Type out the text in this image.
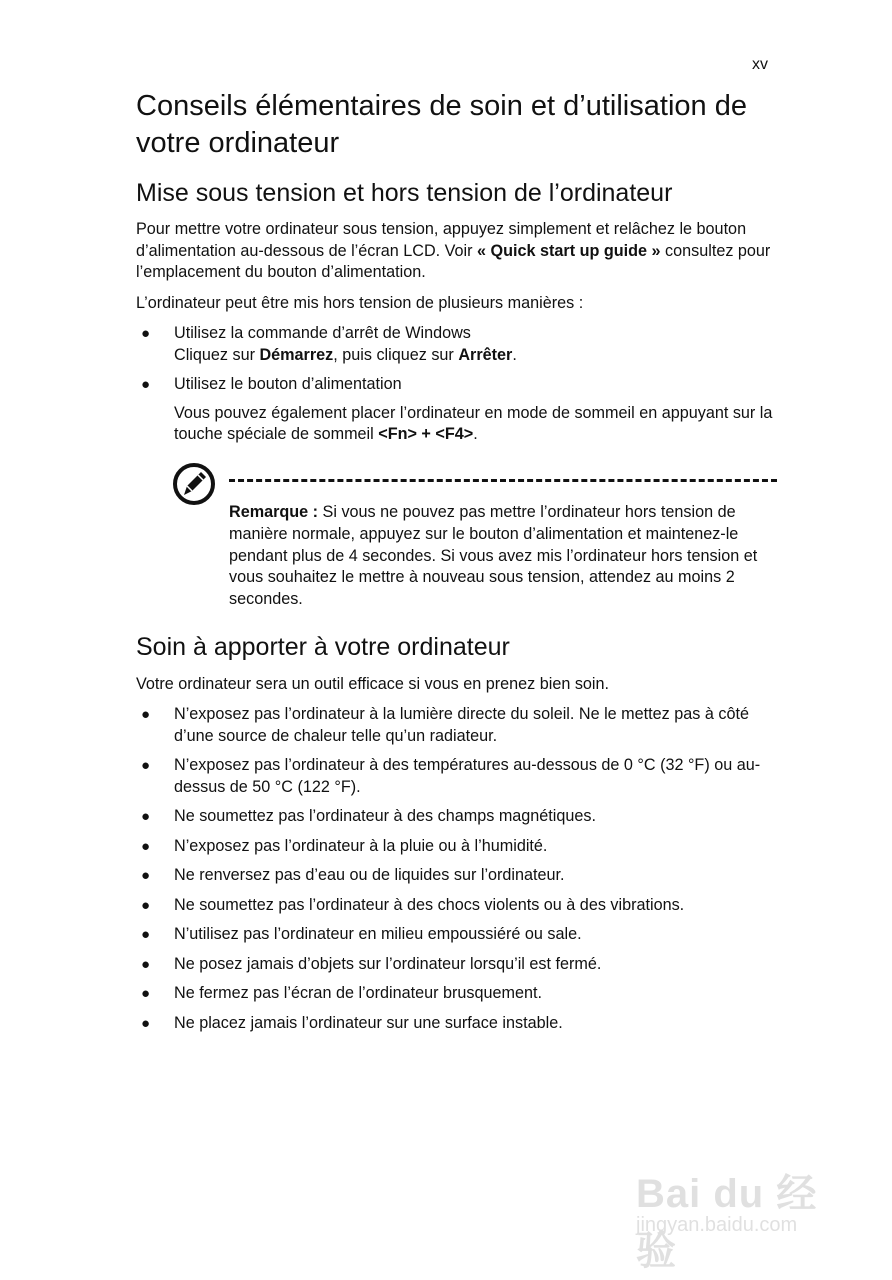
xv
Conseils élémentaires de soin et d’utilisation de votre ordinateur
Mise sous tension et hors tension de l’ordinateur

Pour mettre votre ordinateur sous tension, appuyez simplement et relâchez le bouton d’alimentation au-dessous de l’écran LCD. Voir « Quick start up guide » consultez pour l’emplacement du bouton d’alimentation.

L’ordinateur peut être mis hors tension de plusieurs manières :

● Utilisez la commande d’arrêt de Windows
Cliquez sur Démarrez, puis cliquez sur Arrêter.
● Utilisez le bouton d’alimentation
Vous pouvez également placer l’ordinateur en mode de sommeil en appuyant sur la touche spéciale de sommeil <Fn> + <F4>.

Remarque : Si vous ne pouvez pas mettre l’ordinateur hors tension de manière normale, appuyez sur le bouton d’alimentation et maintenez-le pendant plus de 4 secondes. Si vous avez mis l’ordinateur hors tension et vous souhaitez le mettre à nouveau sous tension, attendez au moins 2 secondes.

Soin à apporter à votre ordinateur

Votre ordinateur sera un outil efficace si vous en prenez bien soin.

● N’exposez pas l’ordinateur à la lumière directe du soleil. Ne le mettez pas à côté d’une source de chaleur telle qu’un radiateur.
● N’exposez pas l’ordinateur à des températures au-dessous de 0 °C (32 °F) ou au-dessus de 50 °C (122 °F).
● Ne soumettez pas l’ordinateur à des champs magnétiques.
● N’exposez pas l’ordinateur à la pluie ou à l’humidité.
● Ne renversez pas d’eau ou de liquides sur l’ordinateur.
● Ne soumettez pas l’ordinateur à des chocs violents ou à des vibrations.
● N’utilisez pas l’ordinateur en milieu empoussiéré ou sale.
● Ne posez jamais d’objets sur l’ordinateur lorsqu’il est fermé.
● Ne fermez pas l’écran de l’ordinateur brusquement.
● Ne placez jamais l’ordinateur sur une surface instable.
Bai du 经验
jingyan.baidu.com
